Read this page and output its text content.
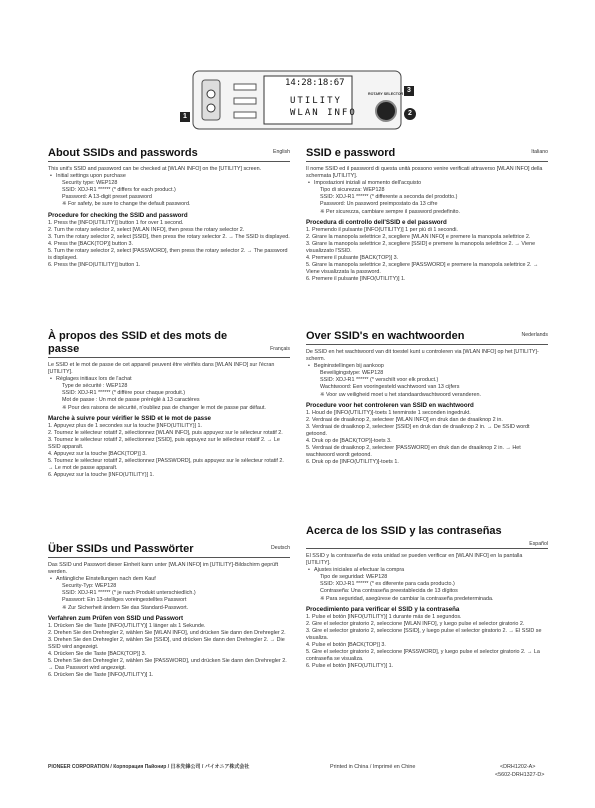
14:28:18:67
UTILITY
WLAN INFO
ROTARY SELECTOR
1	2
3
English
About SSIDs and passwords

This unit's SSID and password can be checked at [WLAN INFO] on the [UTILITY] screen.

• Initial settings upon purchase

Security type: WEP128

SSID: XDJ-R1 ****** (* differs for each product.)

Password: A 13-digit preset password

※ For safety, be sure to change the default password.

Procedure for checking the SSID and password

1. Press the [INFO(UTILITY)] button 1 for over 1 second.

2. Turn the rotary selector 2, select [WLAN INFO], then press the rotary selector 2.

3. Turn the rotary selector 2, select [SSID], then press the rotary selector 2. → The SSID is displayed.

4. Press the [BACK(TOP)] button 3.

5. Turn the rotary selector 2, select [PASSWORD], then press the rotary selector 2. → The password is displayed.

6. Press the [INFO(UTILITY)] button 1.

Italiano
SSID e password

Il nome SSID ed il password di questa unità possono venire verificati attraverso [WLAN INFO] della schermata [UTILITY].

• Impostazioni iniziali al momento dell'acquisto

Tipo di sicurezza: WEP128

SSID: XDJ-R1 ****** (* differente a seconda del prodotto.)

Password: Un password preimpostato da 13 cifre

※ Per sicurezza, cambiare sempre il password predefinito.

Procedura di controllo dell'SSID e del password

1. Premendo il pulsante [INFO(UTILITY)] 1 per più di 1 secondi.

2. Girare la manopola selettrice 2, scegliere [WLAN INFO] e premere la manopola selettrice 2.

3. Girare la manopola selettrice 2, scegliere [SSID] e premere la manopola selettrice 2. → Viene visualizzato l'SSID.

4. Premere il pulsante [BACK(TOP)] 3.

5. Girare la manopola selettrice 2, scegliere [PASSWORD] e premere la manopola selettrice 2. → Viene visualizzata la password.

6. Premere il pulsante [INFO(UTILITY)] 1.

Français
À propos des SSID et des mots de passe

Le SSID et le mot de passe de cet appareil peuvent être vérifiés dans [WLAN INFO] sur l'écran [UTILITY].

• Réglages initiaux lors de l'achat

Type de sécurité : WEP128

SSID: XDJ-R1 ****** (* diffère pour chaque produit.)

Mot de passe : Un mot de passe préréglé à 13 caractères

※ Pour des raisons de sécurité, n'oubliez pas de changer le mot de passe par défaut.

Marche à suivre pour vérifier le SSID et le mot de passe

1. Appuyez plus de 1 secondes sur la touche [INFO(UTILITY)] 1.

2. Tournez le sélecteur rotatif 2, sélectionnez [WLAN INFO], puis appuyez sur le sélecteur rotatif 2.

3. Tournez le sélecteur rotatif 2, sélectionnez [SSID], puis appuyez sur le sélecteur rotatif 2. → Le SSID apparaît.

4. Appuyez sur la touche [BACK(TOP)] 3.

5. Tournez le sélecteur rotatif 2, sélectionnez [PASSWORD], puis appuyez sur le sélecteur rotatif 2. → Le mot de passe apparaît.

6. Appuyez sur la touche [INFO(UTILITY)] 1.

Nederlands
Over SSID's en wachtwoorden

De SSID en het wachtwoord van dit toestel kunt u controleren via [WLAN INFO] op het [UTILITY]-scherm.

• Begininstellingen bij aankoop

Beveiligingstype: WEP128

SSID: XDJ-R1 ****** (* verschilt voor elk product.)

Wachtwoord: Een vooringesteld wachtwoord van 13 cijfers

※ Voor uw veiligheid moet u het standaardwachtwoord veranderen.

Procedure voor het controleren van SSID en wachtwoord

1. Houd de [INFO(UTILITY)]-toets 1 tenminste 1 seconden ingedrukt.

2. Verdraai de draaiknop 2, selecteer [WLAN INFO] en druk dan de draaiknop 2 in.

3. Verdraai de draaiknop 2, selecteer [SSID] en druk dan de draaiknop 2 in. → De SSID wordt getoond.

4. Druk op de [BACK(TOP)]-toets 3.

5. Verdraai de draaiknop 2, selecteer [PASSWORD] en druk dan de draaiknop 2 in. → Het wachtwoord wordt getoond.

6. Druk op de [INFO(UTILITY)]-toets 1.

Deutsch
Über SSIDs und Passwörter

Das SSID und Passwort dieser Einheit kann unter [WLAN INFO] im [UTILITY]-Bildschirm geprüft werden.

• Anfängliche Einstellungen nach dem Kauf

Security-Typ: WEP128

SSID: XDJ-R1 ****** (* je nach Produkt unterschiedlich.)

Passwort: Ein 13-stelliges voreingestelltes Passwort

※ Zur Sicherheit ändern Sie das Standard-Passwort.

Verfahren zum Prüfen von SSID und Passwort

1. Drücken Sie die Taste [INFO(UTILITY)] 1 länger als 1 Sekunde.

2. Drehen Sie den Drehregler 2, wählen Sie [WLAN INFO], und drücken Sie dann den Drehregler 2.

3. Drehen Sie den Drehregler 2, wählen Sie [SSID], und drücken Sie dann den Drehregler 2. → Die SSID wird angezeigt.

4. Drücken Sie die Taste [BACK(TOP)] 3.

5. Drehen Sie den Drehregler 2, wählen Sie [PASSWORD], und drücken Sie dann den Drehregler 2. → Das Passwort wird angezeigt.

6. Drücken Sie die Taste [INFO(UTILITY)] 1.

Acerca de los SSID y las contraseñas
Español

El SSID y la contraseña de esta unidad se pueden verificar en [WLAN INFO] en la pantalla [UTILITY].

• Ajustes iniciales al efectuar la compra

Tipo de seguridad: WEP128

SSID: XDJ-R1 ****** (* es diferente para cada producto.)

Contraseña: Una contraseña preestablecida de 13 dígitos

※ Para seguridad, asegúrese de cambiar la contraseña predeterminada.

Procedimiento para verificar el SSID y la contraseña

1. Pulse el botón [INFO(UTILITY)] 1 durante más de 1 segundos.

2. Gire el selector giratorio 2, seleccione [WLAN INFO], y luego pulse el selector giratorio 2.

3. Gire el selector giratorio 2, seleccione [SSID], y luego pulse el selector giratorio 2. → El SSID se visualiza.

4. Pulse el botón [BACK(TOP)] 3.

5. Gire el selector giratorio 2, seleccione [PASSWORD], y luego pulse el selector giratorio 2. → La contraseña se visualiza.

6. Pulse el botón [INFO(UTILITY)] 1.

PIONEER CORPORATION / Корпорация Пайонир / 日本先锋公司 / パイオニア株式会社	Printed in China / Imprimé en Chine	<DRH1202-A>
<5602-DRH1327-D>
